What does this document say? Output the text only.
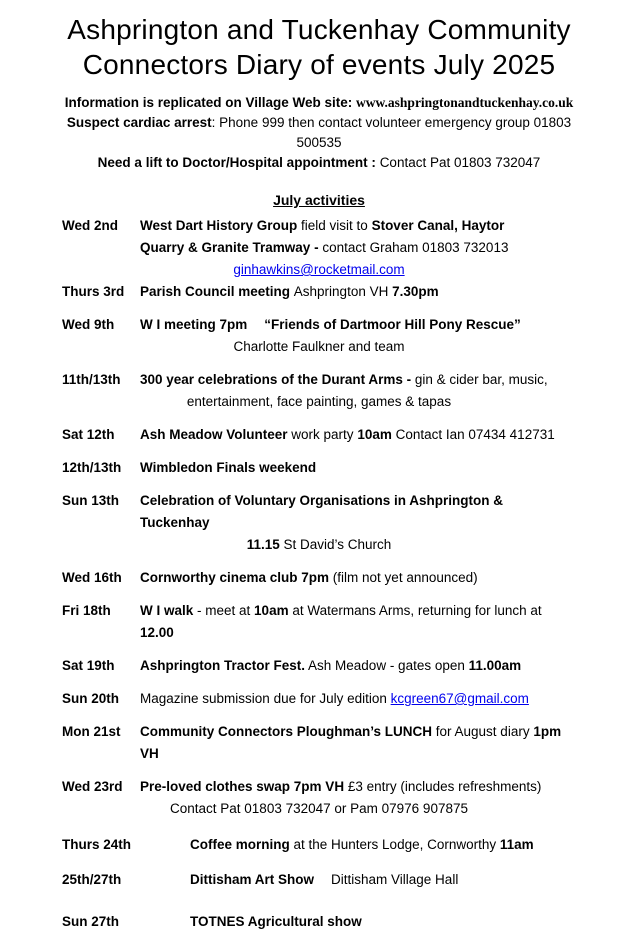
Ashprington and Tuckenhay Community
Connectors Diary of events July 2025
Information is replicated on Village Web site: www.ashpringtonandtuckenhay.co.uk
Suspect cardiac arrest: Phone 999 then contact volunteer emergency group 01803 500535
Need a lift to Doctor/Hospital appointment : Contact Pat 01803 732047
July activities
Wed 2nd	West Dart History Group field visit to Stover Canal, Haytor
Quarry & Granite Tramway - contact Graham 01803 732013
ginhawkins@rocketmail.com
Thurs 3rd	Parish Council meeting Ashprington VH 7.30pm
Wed 9th	W I meeting 7pm “Friends of Dartmoor Hill Pony Rescue”
Charlotte Faulkner and team
11th/13th	300 year celebrations of the Durant Arms - gin & cider bar, music,
entertainment, face painting, games & tapas
Sat 12th	Ash Meadow Volunteer work party 10am Contact Ian 07434 412731
12th/13th	Wimbledon Finals weekend
Sun 13th	Celebration of Voluntary Organisations in Ashprington & Tuckenhay
11.15 St David’s Church
Wed 16th	Cornworthy cinema club 7pm (film not yet announced)
Fri 18th	W I walk - meet at 10am at Watermans Arms, returning for lunch at 12.00
Sat 19th	Ashprington Tractor Fest. Ash Meadow - gates open 11.00am
Sun 20th	Magazine submission due for July edition kcgreen67@gmail.com
Mon 21st	Community Connectors Ploughman’s LUNCH for August diary 1pm VH
Wed 23rd	Pre-loved clothes swap 7pm VH £3 entry (includes refreshments)
Contact Pat 01803 732047 or Pam 07976 907875
Thurs 24th	Coffee morning at the Hunters Lodge, Cornworthy 11am
25th/27th	Dittisham Art Show Dittisham Village Hall
Sun 27th	TOTNES Agricultural show
